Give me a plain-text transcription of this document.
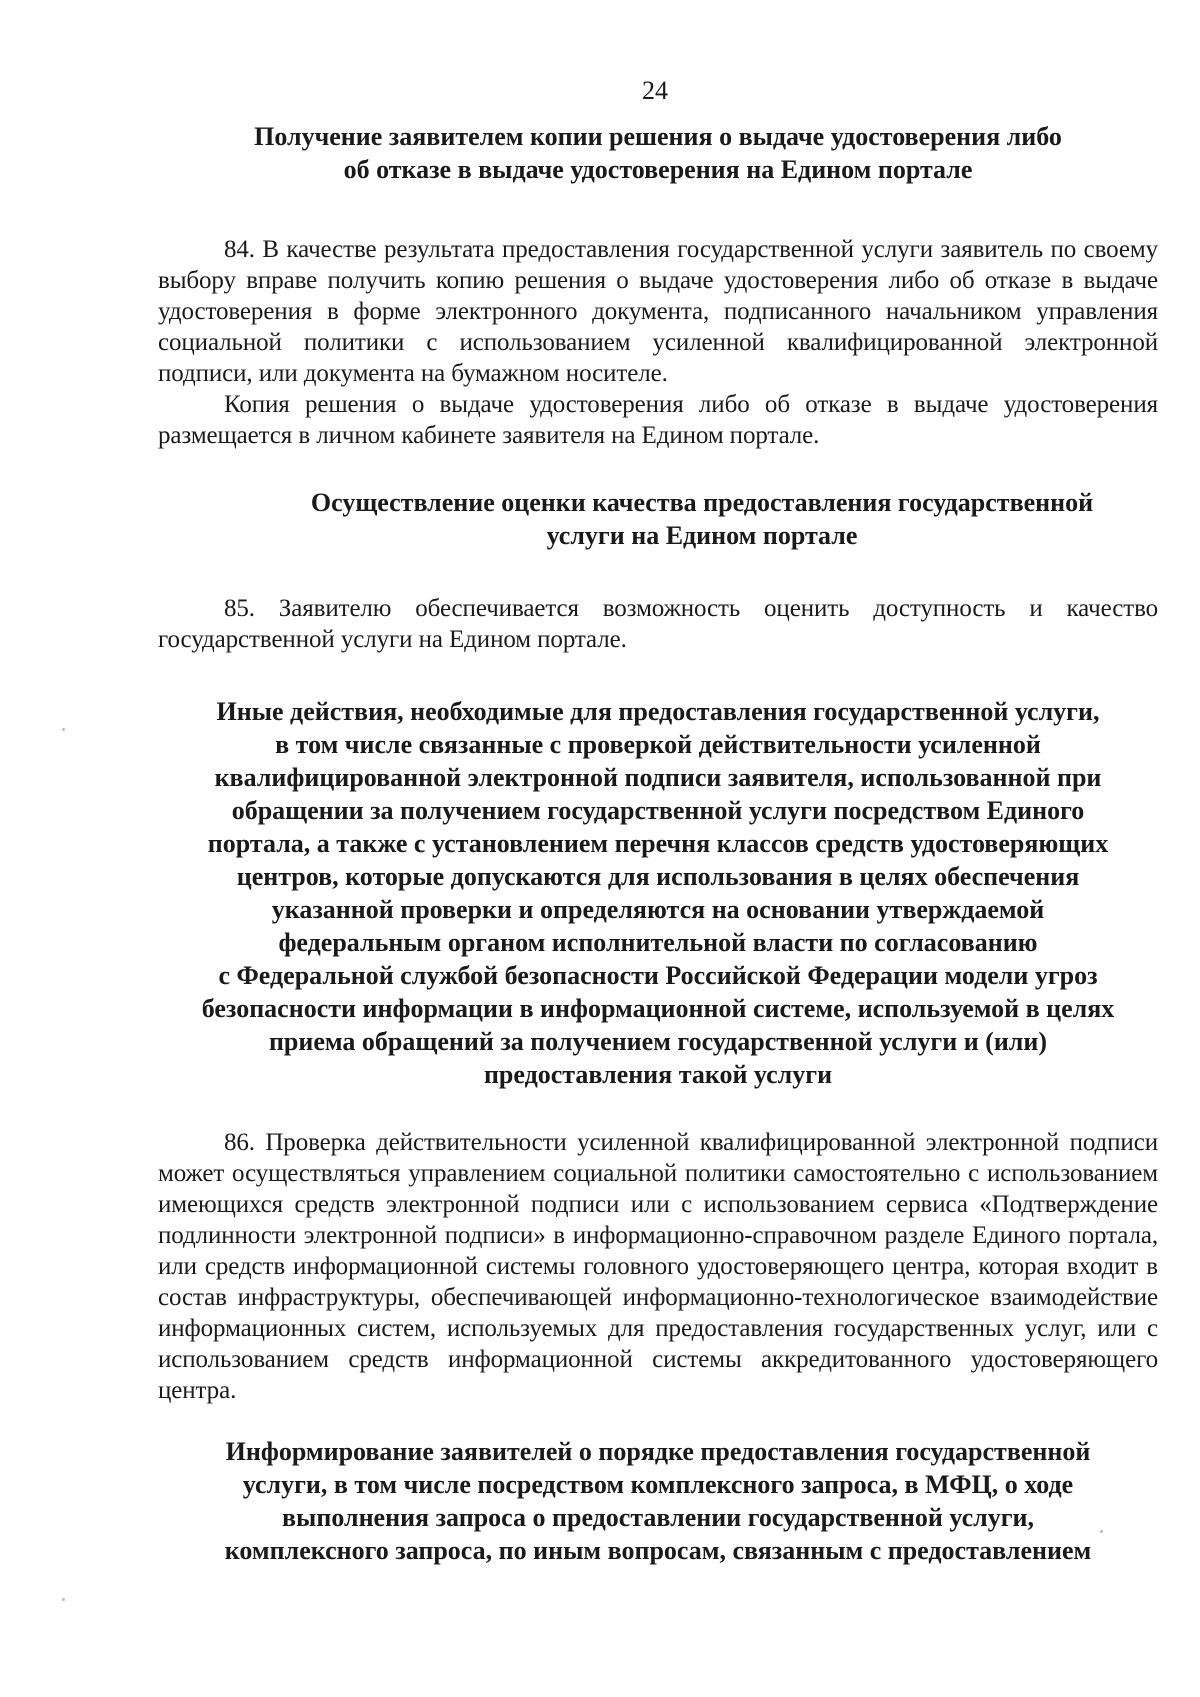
24
Получение заявителем копии решения о выдаче удостоверения либо
об отказе в выдаче удостоверения на Едином портале

84. В качестве результата предоставления государственной услуги заявитель по своему выбору вправе получить копию решения о выдаче удостоверения либо об отказе в выдаче удостоверения в форме электронного документа, подписанного начальником управления социальной политики с использованием усиленной квалифицированной электронной подписи, или документа на бумажном носителе.

Копия решения о выдаче удостоверения либо об отказе в выдаче удостоверения размещается в личном кабинете заявителя на Едином портале.

Осуществление оценки качества предоставления государственной
услуги на Едином портале

85. Заявителю обеспечивается возможность оценить доступность и качество государственной услуги на Едином портале.

Иные действия, необходимые для предоставления государственной услуги,
в том числе связанные с проверкой действительности усиленной
квалифицированной электронной подписи заявителя, использованной при
обращении за получением государственной услуги посредством Единого
портала, а также с установлением перечня классов средств удостоверяющих
центров, которые допускаются для использования в целях обеспечения
указанной проверки и определяются на основании утверждаемой
федеральным органом исполнительной власти по согласованию
с Федеральной службой безопасности Российской Федерации модели угроз
безопасности информации в информационной системе, используемой в целях
приема обращений за получением государственной услуги и (или)
предоставления такой услуги

86. Проверка действительности усиленной квалифицированной электронной подписи может осуществляться управлением социальной политики самостоятельно с использованием имеющихся средств электронной подписи или с использованием сервиса «Подтверждение подлинности электронной подписи» в информационно-справочном разделе Единого портала, или средств информационной системы головного удостоверяющего центра, которая входит в состав инфраструктуры, обеспечивающей информационно-технологическое взаимодействие информационных систем, используемых для предоставления государственных услуг, или с использованием средств информационной системы аккредитованного удостоверяющего центра.

Информирование заявителей о порядке предоставления государственной
услуги, в том числе посредством комплексного запроса, в МФЦ, о ходе
выполнения запроса о предоставлении государственной услуги,
комплексного запроса, по иным вопросам, связанным с предоставлением
